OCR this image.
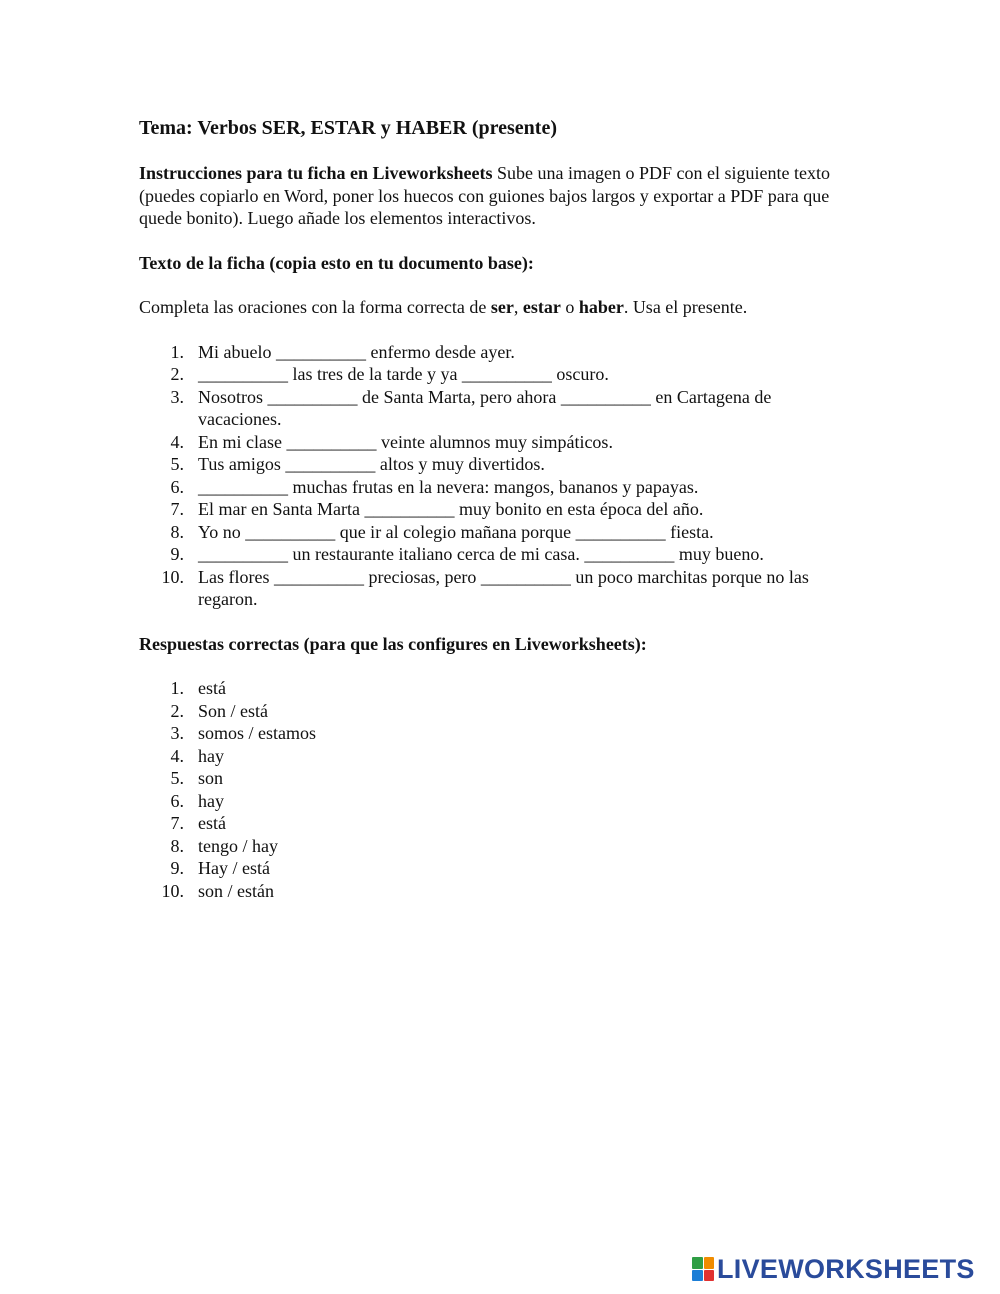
Tema: Verbos SER, ESTAR y HABER (presente)
Instrucciones para tu ficha en Liveworksheets Sube una imagen o PDF con el siguiente texto (puedes copiarlo en Word, poner los huecos con guiones bajos largos y exportar a PDF para que quede bonito). Luego añade los elementos interactivos.
Texto de la ficha (copia esto en tu documento base):
Completa las oraciones con la forma correcta de ser, estar o haber. Usa el presente.
1. Mi abuelo __________ enfermo desde ayer.
2. __________ las tres de la tarde y ya __________ oscuro.
3. Nosotros __________ de Santa Marta, pero ahora __________ en Cartagena de vacaciones.
4. En mi clase __________ veinte alumnos muy simpáticos.
5. Tus amigos __________ altos y muy divertidos.
6. __________ muchas frutas en la nevera: mangos, bananos y papayas.
7. El mar en Santa Marta __________ muy bonito en esta época del año.
8. Yo no __________ que ir al colegio mañana porque __________ fiesta.
9. __________ un restaurante italiano cerca de mi casa. __________ muy bueno.
10. Las flores __________ preciosas, pero __________ un poco marchitas porque no las regaron.
Respuestas correctas (para que las configures en Liveworksheets):
1. está
2. Son / está
3. somos / estamos
4. hay
5. son
6. hay
7. está
8. tengo / hay
9. Hay / está
10. son / están
LIVEWORKSHEETS
